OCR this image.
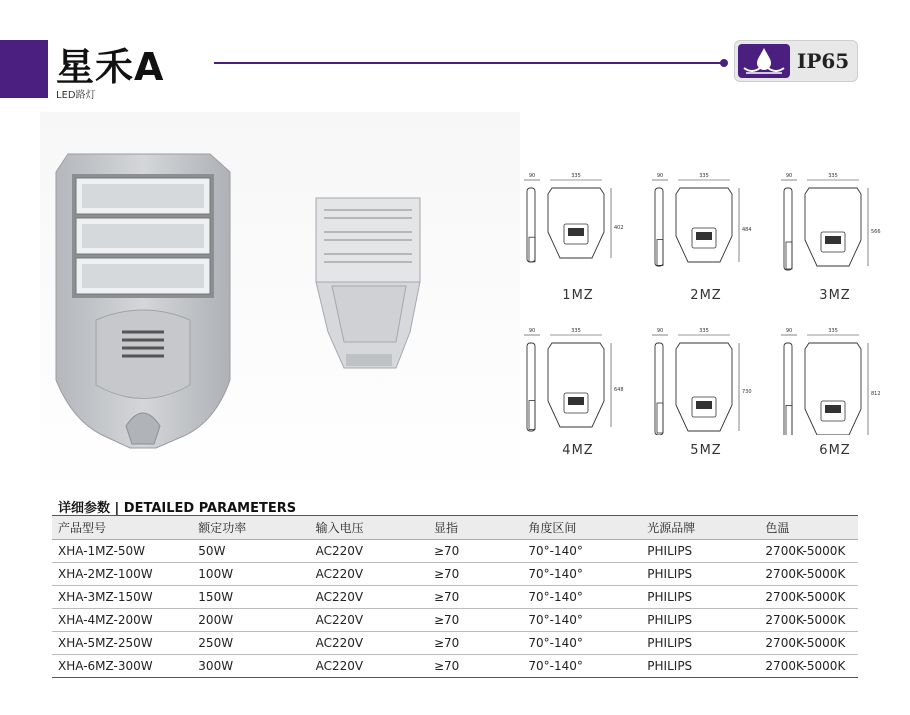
星禾A
LED路灯
IP65
90	335
402
1MZ
90	335
484
2MZ
90	335
566
3MZ
90	335
648
4MZ
90	335
730
5MZ
90	335
812
6MZ
详细参数 | DETAILED PARAMETERS
产品型号	额定功率	输入电压	显指	角度区间	光源品牌	色温
XHA-1MZ-50W	50W	AC220V	≥70	70°-140°	PHILIPS	2700K-5000K
XHA-2MZ-100W	100W	AC220V	≥70	70°-140°	PHILIPS	2700K-5000K
XHA-3MZ-150W	150W	AC220V	≥70	70°-140°	PHILIPS	2700K-5000K
XHA-4MZ-200W	200W	AC220V	≥70	70°-140°	PHILIPS	2700K-5000K
XHA-5MZ-250W	250W	AC220V	≥70	70°-140°	PHILIPS	2700K-5000K
XHA-6MZ-300W	300W	AC220V	≥70	70°-140°	PHILIPS	2700K-5000K
